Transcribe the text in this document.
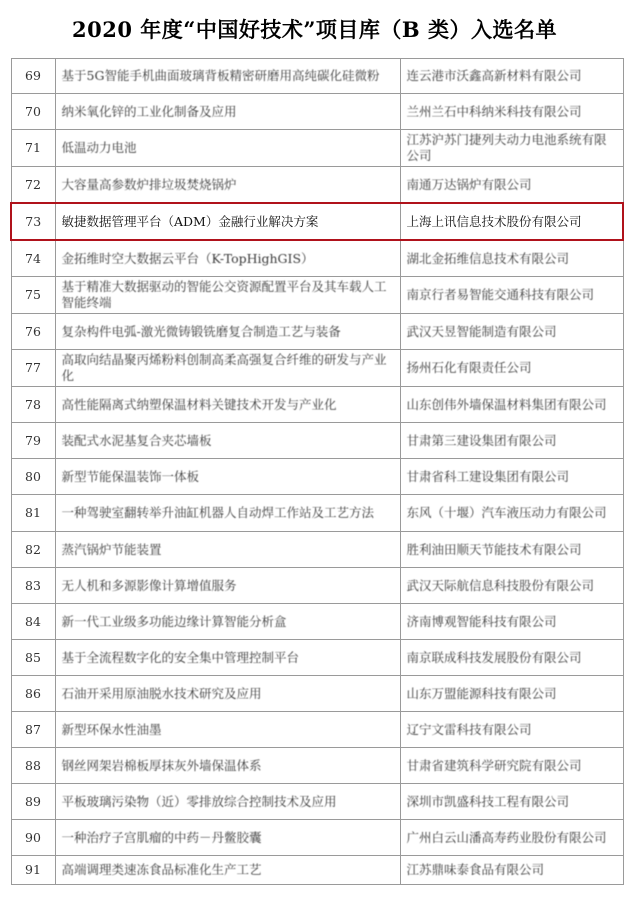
2020 年度“中国好技术”项目库（B 类）入选名单
69	基于5G智能手机曲面玻璃背板精密研磨用高纯碳化硅微粉	连云港市沃鑫高新材料有限公司
70	纳米氧化锌的工业化制备及应用	兰州兰石中科纳米科技有限公司
71	低温动力电池	江苏沪苏门捷列夫动力电池系统有限公司
72	大容量高参数炉排垃圾焚烧锅炉	南通万达锅炉有限公司
73	敏捷数据管理平台（ADM）金融行业解决方案	上海上讯信息技术股份有限公司
74	金拓维时空大数据云平台（K-TopHighGIS）	湖北金拓维信息技术有限公司
75	基于精准大数据驱动的智能公交资源配置平台及其车载人工智能终端	南京行者易智能交通科技有限公司
76	复杂构件电弧-激光微铸锻铣磨复合制造工艺与装备	武汉天昱智能制造有限公司
77	高取向结晶聚丙烯粉料创制高柔高强复合纤维的研发与产业化	扬州石化有限责任公司
78	高性能隔离式纳塑保温材料关键技术开发与产业化	山东创伟外墙保温材料集团有限公司
79	装配式水泥基复合夹芯墙板	甘肃第三建设集团有限公司
80	新型节能保温装饰一体板	甘肃省科工建设集团有限公司
81	一种驾驶室翻转举升油缸机器人自动焊工作站及工艺方法	东风（十堰）汽车液压动力有限公司
82	蒸汽锅炉节能装置	胜利油田顺天节能技术有限公司
83	无人机和多源影像计算增值服务	武汉天际航信息科技股份有限公司
84	新一代工业级多功能边缘计算智能分析盒	济南博观智能科技有限公司
85	基于全流程数字化的安全集中管理控制平台	南京联成科技发展股份有限公司
86	石油开采用原油脱水技术研究及应用	山东万盟能源科技有限公司
87	新型环保水性油墨	辽宁文雷科技有限公司
88	钢丝网架岩棉板厚抹灰外墙保温体系	甘肃省建筑科学研究院有限公司
89	平板玻璃污染物（近）零排放综合控制技术及应用	深圳市凯盛科技工程有限公司
90	一种治疗子宫肌瘤的中药－丹鳖胶囊	广州白云山潘高寿药业股份有限公司
91	高端调理类速冻食品标准化生产工艺	江苏鼎味泰食品有限公司
